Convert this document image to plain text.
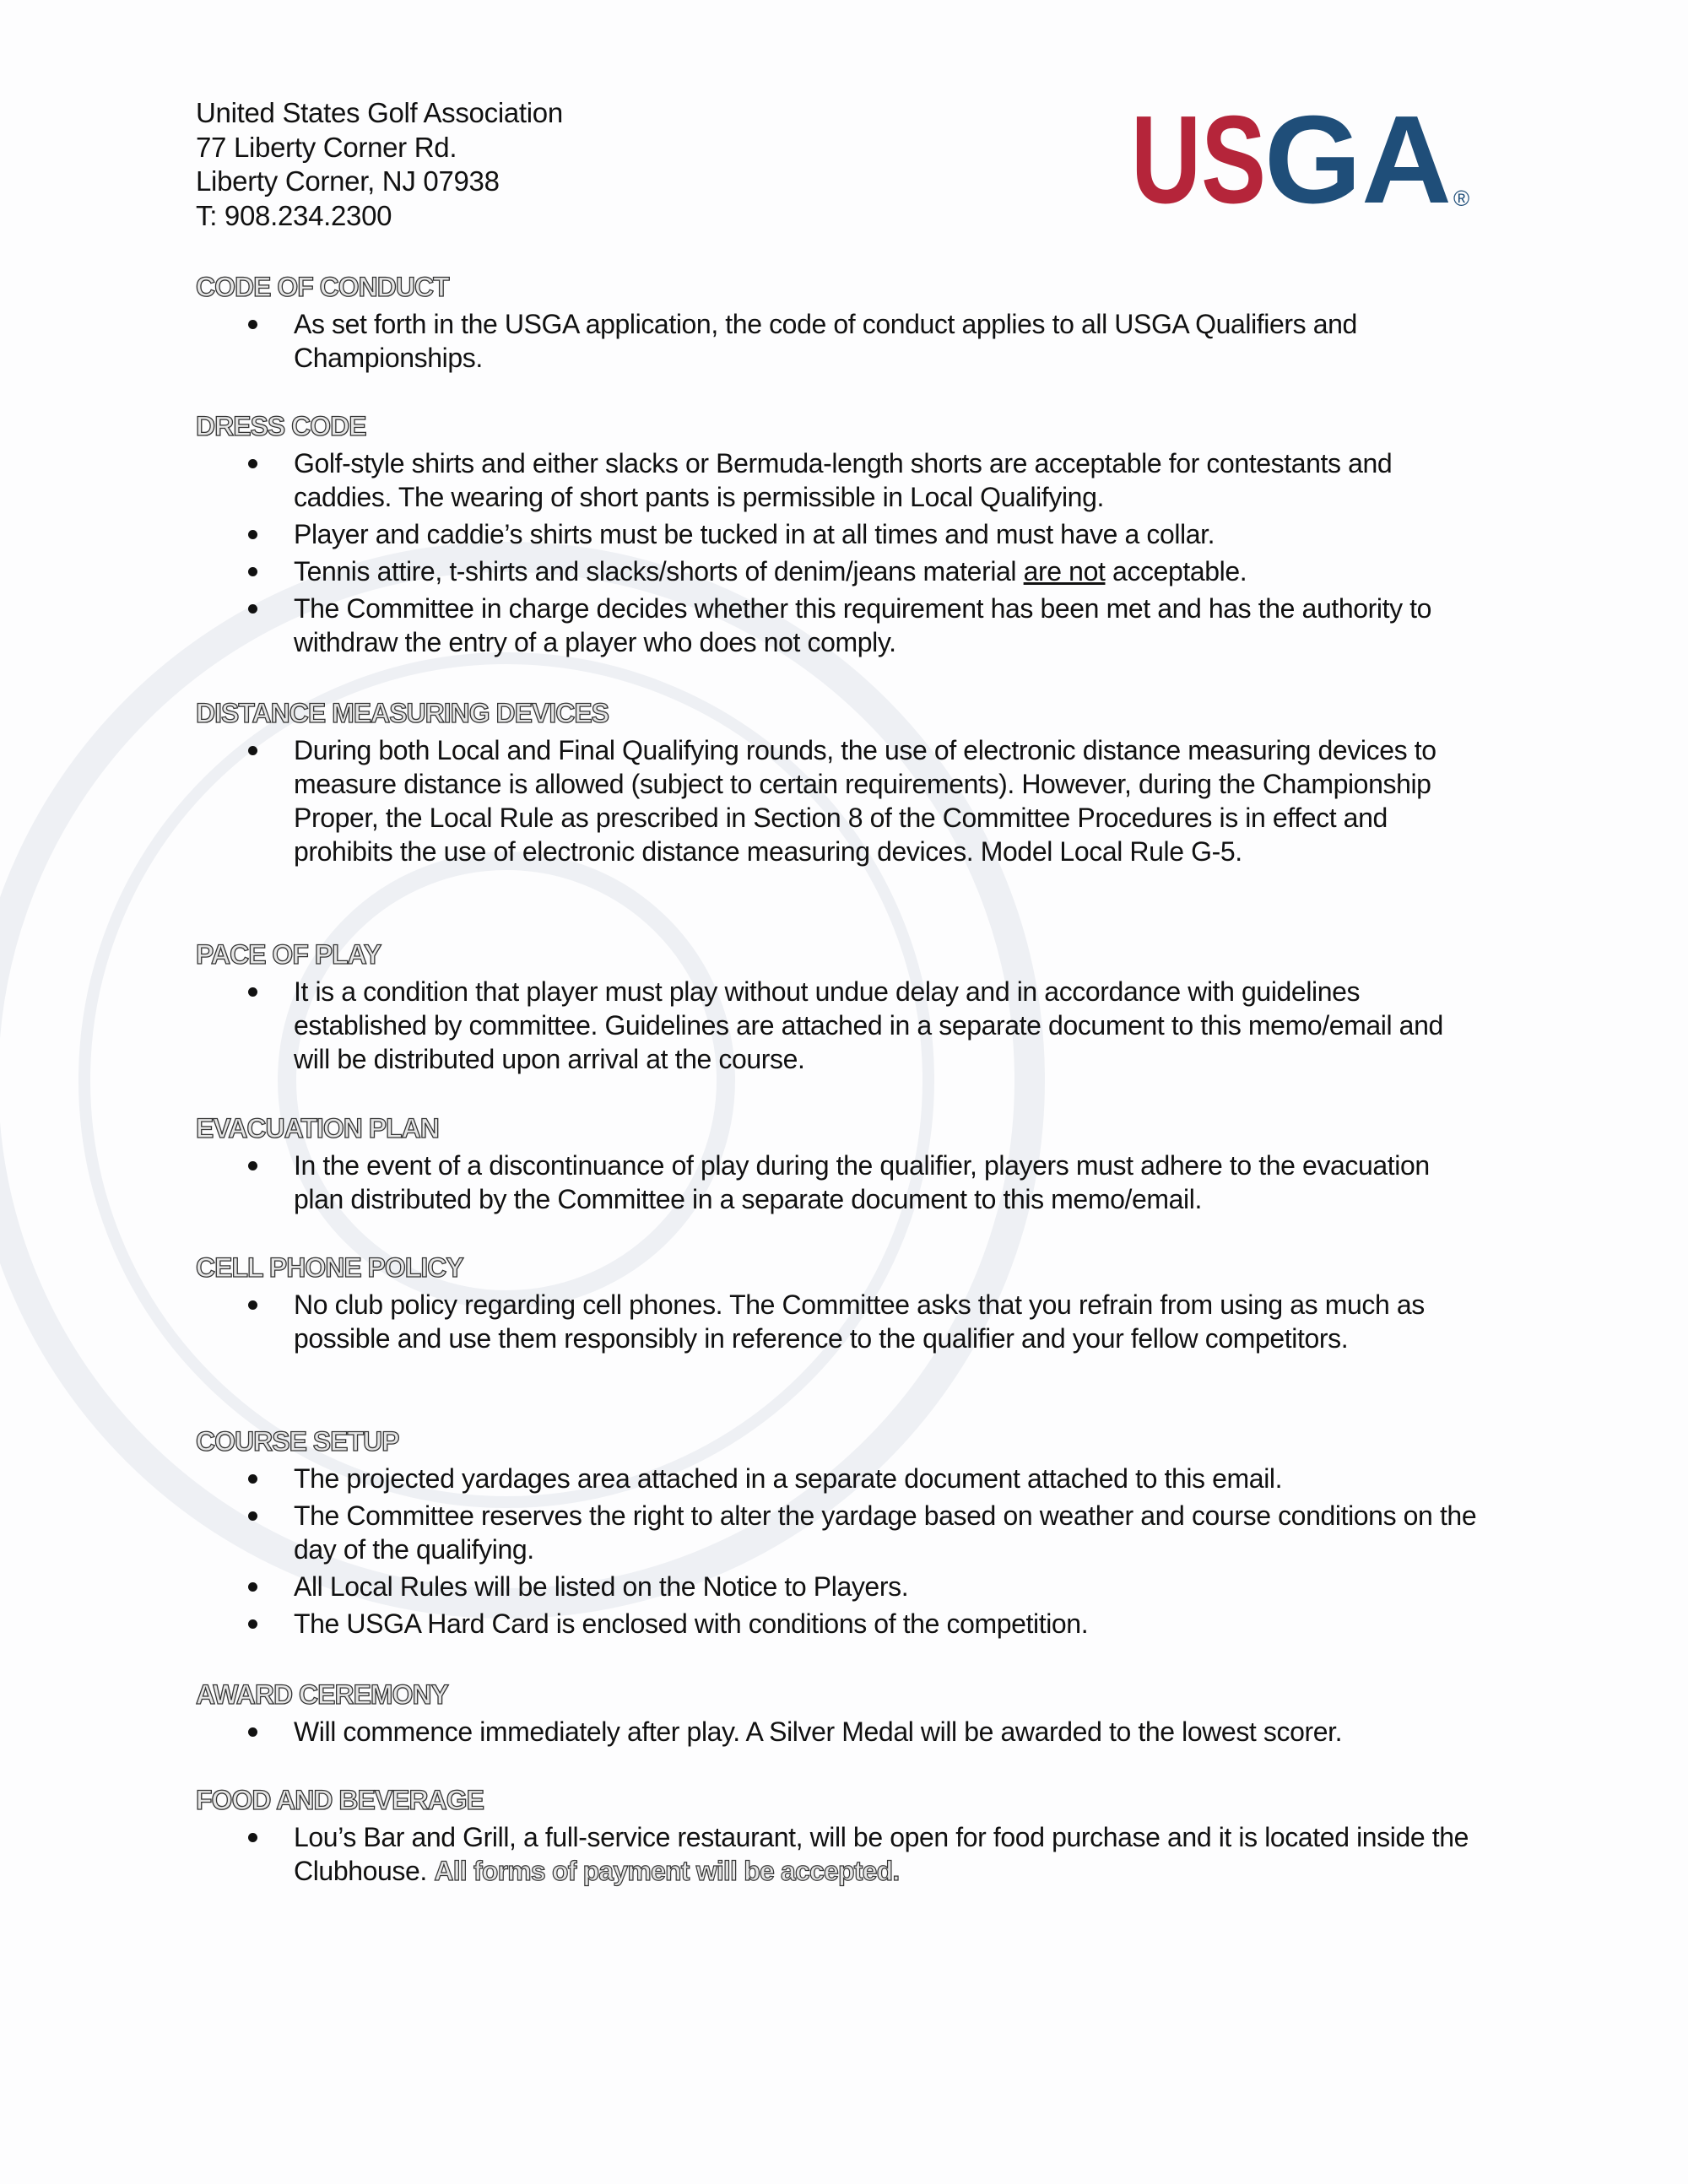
United States Golf Association
77 Liberty Corner Rd.
Liberty Corner, NJ 07938
T: 908.234.2300	US
GA ®
CODE OF CONDUCT
As set forth in the USGA application, the code of conduct applies to all USGA Qualifiers and Championships.
DRESS CODE
Golf-style shirts and either slacks or Bermuda-length shorts are acceptable for contestants and caddies. The wearing of short pants is permissible in Local Qualifying.
Player and caddie’s shirts must be tucked in at all times and must have a collar.
Tennis attire, t-shirts and slacks/shorts of denim/jeans material are not acceptable.
The Committee in charge decides whether this requirement has been met and has the authority to withdraw the entry of a player who does not comply.
DISTANCE MEASURING DEVICES
During both Local and Final Qualifying rounds, the use of electronic distance measuring devices to measure distance is allowed (subject to certain requirements). However, during the Championship Proper, the Local Rule as prescribed in Section 8 of the Committee Procedures is in effect and prohibits the use of electronic distance measuring devices. Model Local Rule G-5.
PACE OF PLAY
It is a condition that player must play without undue delay and in accordance with guidelines established by committee. Guidelines are attached in a separate document to this memo/email and will be distributed upon arrival at the course.
EVACUATION PLAN
In the event of a discontinuance of play during the qualifier, players must adhere to the evacuation plan distributed by the Committee in a separate document to this memo/email.
CELL PHONE POLICY
No club policy regarding cell phones. The Committee asks that you refrain from using as much as possible and use them responsibly in reference to the qualifier and your fellow competitors.
COURSE SETUP
The projected yardages area attached in a separate document attached to this email.
The Committee reserves the right to alter the yardage based on weather and course conditions on the day of the qualifying.
All Local Rules will be listed on the Notice to Players.
The USGA Hard Card is enclosed with conditions of the competition.
AWARD CEREMONY
Will commence immediately after play. A Silver Medal will be awarded to the lowest scorer.
FOOD AND BEVERAGE
Lou’s Bar and Grill, a full-service restaurant, will be open for food purchase and it is located inside the Clubhouse. All forms of payment will be accepted.
